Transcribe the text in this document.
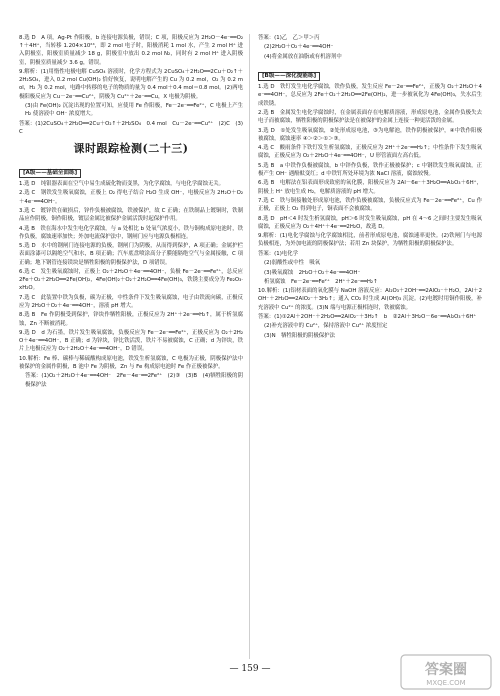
8.选 D　A 项，Ag-Pt 作阳极，b 连接电源负极，错误；C 项，阳极反应为 2H₂O－4e⁻══O₂↑＋4H⁺，当转移 1.204×10²⁴，即 2 mol 电子时，阳极消耗 1 mol 水，产生 2 mol H⁺ 进入阴极室，阳极室质量减少 18 g，阴极室中放出 0.2 mol N₂，同时有 2 mol H⁺ 进入阴极室，阴极室质量减少 3.6 g，错误。
9.解析：(1)用惰性电极电解 CuSO₄ 溶液时，化学方程式为 2CuSO₄＋2H₂O══2Cu＋O₂↑＋2H₂SO₄，进入 0.2 mol Cu(OH)₂ 恰好恢复，说明电解产生的 Cu 为 0.2 mol，O₂ 为 0.2 mol，H₂ 为 0.2 mol，电路中转移的电子的物质的量为 0.4 mol＋0.4 mol＝0.8 mol。(2)两电极阳极反应为 Cu－2e⁻══Cu²⁺，阴极为 Cu²⁺＋2e⁻══Cu，X 电极为阴极。
(3)由 Fe(OH)₂ 沉淀出现的位置可知，应使用 Fe 作阳极，Fe－2e⁻══Fe²⁺，C 电极上产生 H₂ 使溶液中 OH⁻ 浓度增大。
答案：(1)2CuSO₄＋2H₂O══2Cu＋O₂↑＋2H₂SO₄　0.4 mol　Cu－2e⁻══Cu²⁺　(2)C　(3)C
课时跟踪检测(二十三)
[A级——基础全面练]
1.选 D　纯银器表面在空气中易生成硫化物而变黑，为化学腐蚀，与电化学腐蚀无关。
2.选 C　钢铁发生吸氧腐蚀，正极上 O₂ 得电子结合 H₂O 生成 OH⁻，电极反应为 2H₂O＋O₂＋4e⁻══4OH⁻。
3.选 C　镀锌铁在破损后，锌作负极被腐蚀，铁被保护，故 C 正确；在铁制品上镀铜时，铁制品应作阴极，铜作阳极，镀层金属比被保护金属活泼时起保护作用。
4.选 B　铁在海水中发生电化学腐蚀，与 a 处相比 b 处氧气浓度小，铁与铜构成原电池时，铁作负极，腐蚀速率加快；外加电流保护法中，钢闸门应与电源负极相连。
5.选 D　水中的钢闸门连接电源的负极，钢闸门为阴极，从而得到保护，A 项正确；金属护栏表面涂漆可以隔绝空气和水，B 项正确；汽车底盘喷涂高分子膜能隔绝空气与金属接触，C 项正确；地下钢管连接镁块是牺牲阳极的阴极保护法，D 项错误。
6.选 C　发生吸氧腐蚀时，正极上 O₂＋2H₂O＋4e⁻══4OH⁻，负极 Fe－2e⁻══Fe²⁺，总反应 2Fe＋O₂＋2H₂O══2Fe(OH)₂，4Fe(OH)₂＋O₂＋2H₂O══4Fe(OH)₃，铁锈主要成分为 Fe₂O₃·xH₂O。
7.选 C　此装置中铁为负极，碳为正极，中性条件下发生吸氧腐蚀，电子由铁流向碳，正极反应为 2H₂O＋O₂＋4e⁻══4OH⁻，溶液 pH 增大。
8.选 B　Fe 作阴极受到保护，锌块作牺牲阳极，正极反应为 2H⁺＋2e⁻══H₂↑，属于析氢腐蚀，Zn 不断被消耗。
9.选 D　d 为石墨，铁片发生吸氧腐蚀，负极反应为 Fe－2e⁻══Fe²⁺，正极反应为 O₂＋2H₂O＋4e⁻══4OH⁻，B 正确；d 为锌块，锌比铁活泼，铁片不易被腐蚀，C 正确；d 为锌块，铁片上电极反应为 O₂＋2H₂O＋4e⁻══4OH⁻，D 错误。
10.解析：Fe 棒、碳棒与稀硫酸构成原电池，铁发生析氢腐蚀，C 电极为正极，阴极保护法中被保护的金属作阴极，B 池中 Fe 为阴极，Zn 与 Fe 构成原电池时 Fe 作正极被保护。
答案：(1)O₂＋2H₂O＋4e⁻══4OH⁻　2Fe－4e⁻══2Fe²⁺　(2)③　(3)B　(4)牺牲阳极的阴极保护法
答案：(1)乙　乙＞甲＞丙
(2)2H₂O＋O₂＋4e⁻══4OH⁻
(4)将金属放在油脂或有机溶剂中
[B级——深化提能练]
1.选 D　铁钉发生电化学腐蚀，铁作负极，发生反应 Fe－2e⁻══Fe²⁺，正极为 O₂＋2H₂O＋4e⁻══4OH⁻，总反应为 2Fe＋O₂＋2H₂O══2Fe(OH)₂，进一步被氧化为 4Fe(OH)₃，失水后生成铁锈。
2.选 B　金属发生电化学腐蚀时，在金属表面存在电解质溶液，形成原电池，金属作负极失去电子而被腐蚀，牺牲阳极的阴极保护法是在被保护的金属上连接一种更活泼的金属。
3.选 D　①处发生吸氧腐蚀，②处形成原电池，③为电解池，铁作阴极被保护，④中铁作阳极被腐蚀，腐蚀速率 ④＞②＞①＞③。
4.选 C　酸雨条件下铁钉发生析氢腐蚀，正极反应为 2H⁺＋2e⁻══H₂↑；中性条件下发生吸氧腐蚀，正极反应为 O₂＋2H₂O＋4e⁻══4OH⁻，U 形管液面左高右低。
5.选 B　a 中铁作负极被腐蚀，b 中锌作负极，铁作正极被保护；c 中钢铁发生吸氧腐蚀，正极产生 OH⁻ 遇酚酞变红；d 中铁钉所处环境为浓 NaCl 溶液，腐蚀较慢。
6.选 B　电解法在铝表面形成致密的氧化膜，阳极反应为 2Al－6e⁻＋3H₂O══Al₂O₃＋6H⁺，阴极上 H⁺ 放电生成 H₂，电解质溶液的 pH 增大。
7.选 C　铁与铜接触处形成原电池，铁作负极被腐蚀，负极反应式为 Fe－2e⁻══Fe²⁺，Cu 作正极，正极上 O₂ 得到电子，铜表面不会被腐蚀。
8.选 D　pH＜4 时发生析氢腐蚀，pH＞6 时发生吸氧腐蚀，pH 在 4～6 之间时主要发生吸氧腐蚀，正极反应为 O₂＋4H⁺＋4e⁻══2H₂O，故选 D。
9.解析：(1)电化学腐蚀与化学腐蚀相比，前者形成原电池，腐蚀速率更快。(2)铁闸门与电源负极相连，为外加电流的阴极保护法；若用 Zn 块保护，为牺牲阳极的阴极保护法。
答案：(1)电化学
(2)弱酸性或中性　吸氧
(3)吸氧腐蚀　2H₂O＋O₂＋4e⁻══4OH⁻
析氢腐蚀　Fe－2e⁻══Fe²⁺　2H⁺＋2e⁻══H₂↑
10.解析：(1)铝材表面的氧化膜与 NaOH 溶液反应：Al₂O₃＋2OH⁻══2AlO₂⁻＋H₂O，2Al＋2OH⁻＋2H₂O══2AlO₂⁻＋3H₂↑；通入 CO₂ 时生成 Al(OH)₃ 沉淀。(2)电镀时用铜作阳极，补充溶液中 Cu²⁺ 的浓度。(3)N 端与电源正极相连时，铁被腐蚀。
答案：(1)①2Al＋2OH⁻＋2H₂O══2AlO₂⁻＋3H₂↑　b　②2Al＋3H₂O－6e⁻══Al₂O₃＋6H⁺
(2)补充溶液中的 Cu²⁺，保持溶液中 Cu²⁺ 浓度恒定
(3)N　牺牲阳极的阴极保护法
— 159 —	答案圈
MXQE.COM
